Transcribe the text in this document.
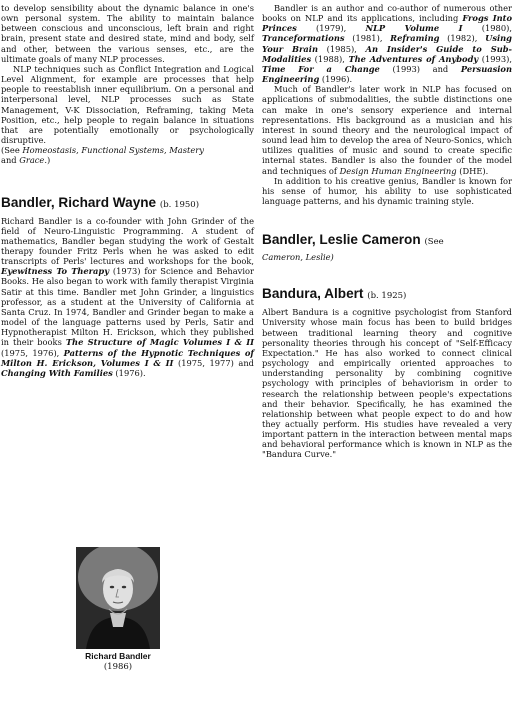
to develop sensibility about the dynamic balance in one's own personal system. The ability to maintain balance between conscious and unconscious, left brain and right brain, present state and desired state, mind and body, self and other, between the various senses, etc., are the ultimate goals of many NLP processes.

NLP techniques such as Conflict Integration and Logical Level Alignment, for example are processes that help people to reestablish inner equilibrium. On a personal and interpersonal level, NLP processes such as State Management, V-K Dissociation, Reframing, taking Meta Position, etc., help people to regain balance in situations that are potentially emotionally or psychologically disruptive.

(See Homeostasis, Functional Systems, Mastery
and Grace.)

Bandler, Richard Wayne (b. 1950)

Richard Bandler is a co-founder with John Grinder of the field of Neuro-Linguistic Programming. A student of mathematics, Bandler began studying the work of Gestalt therapy founder Fritz Perls when he was asked to edit transcripts of Perls' lectures and workshops for the book, Eyewitness To Therapy (1973) for Science and Behavior Books. He also began to work with family therapist Virginia Satir at this time. Bandler met John Grinder, a linguistics professor, as a student at the University of California at Santa Cruz. In 1974, Bandler and Grinder began to make a model of the language patterns used by Perls, Satir and Hypnotherapist Milton H. Erickson, which they published in their books The Structure of Magic Volumes I & II (1975, 1976), Patterns of the Hypnotic Techniques of Milton H. Erickson, Volumes I & II (1975, 1977) and Changing With Families (1976).

Richard Bandler
(1986)

Bandler is an author and co-author of numerous other books on NLP and its applications, including Frogs Into Princes (1979), NLP Volume I (1980), Tranceformations (1981), Reframing (1982), Using Your Brain (1985), An Insider's Guide to Sub-Modalities (1988), The Adventures of Anybody (1993), Time For a Change (1993) and Persuasion Engineering (1996).

Much of Bandler's later work in NLP has focused on applications of submodalities, the subtle distinctions one can make in one's sensory experience and internal representations. His background as a musician and his interest in sound theory and the neurological impact of sound lead him to develop the area of Neuro-Sonics, which utilizes qualities of music and sound to create specific internal states. Bandler is also the founder of the model and techniques of Design Human Engineering (DHE).

In addition to his creative genius, Bandler is known for his sense of humor, his ability to use sophisticated language patterns, and his dynamic training style.

Bandler, Leslie Cameron (See

Cameron, Leslie)

Bandura, Albert (b. 1925)

Albert Bandura is a cognitive psychologist from Stanford University whose main focus has been to build bridges between traditional learning theory and cognitive personality theories through his concept of "Self-Efficacy Expectation." He has also worked to connect clinical psychology and empirically oriented approaches to understanding personality by combining cognitive psychology with principles of behaviorism in order to research the relationship between people's expectations and their behavior. Specifically, he has examined the relationship between what people expect to do and how they actually perform. His studies have revealed a very important pattern in the interaction between mental maps and behavioral performance which is known in NLP as the "Bandura Curve."
